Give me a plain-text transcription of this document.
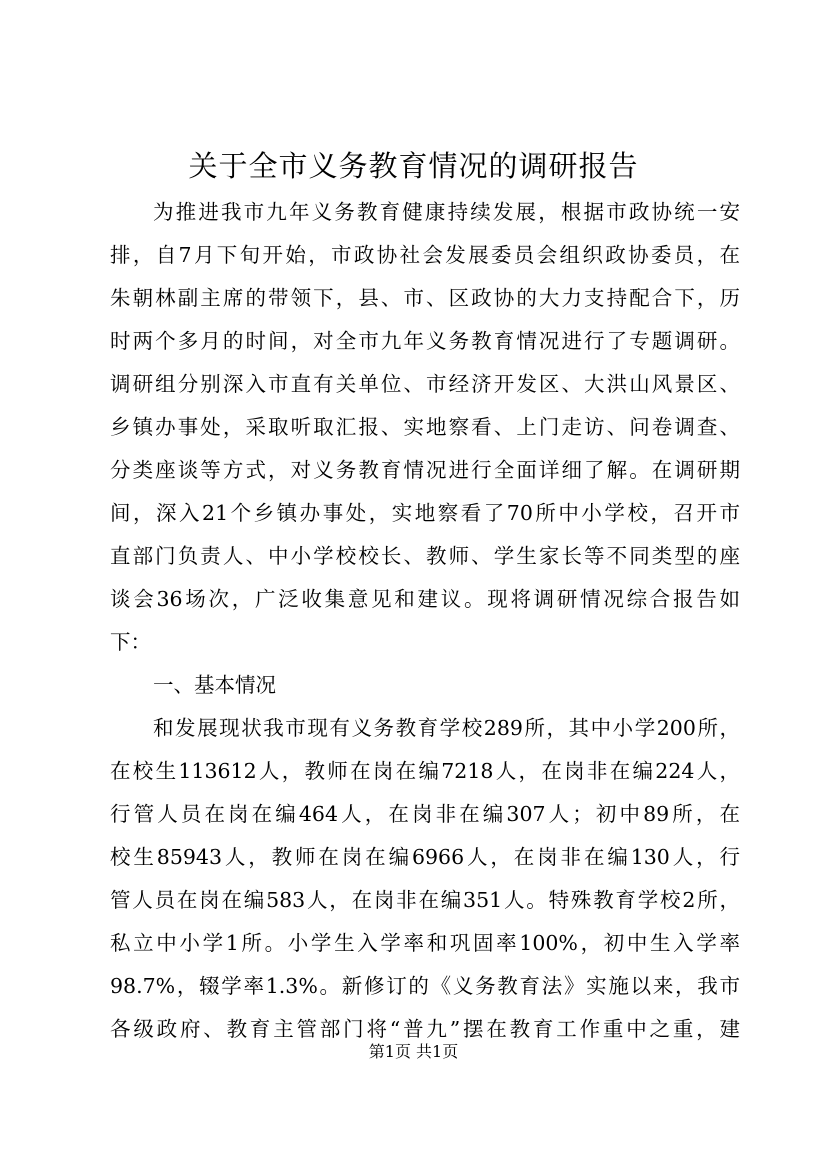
关于全市义务教育情况的调研报告

为推进我市九年义务教育健康持续发展，根据市政协统一安

排，自7月下旬开始，市政协社会发展委员会组织政协委员，在

朱朝林副主席的带领下，县、市、区政协的大力支持配合下，历

时两个多月的时间，对全市九年义务教育情况进行了专题调研。

调研组分别深入市直有关单位、市经济开发区、大洪山风景区、

乡镇办事处，采取听取汇报、实地察看、上门走访、问卷调查、

分类座谈等方式，对义务教育情况进行全面详细了解。在调研期

间，深入21个乡镇办事处，实地察看了70所中小学校，召开市

直部门负责人、中小学校校长、教师、学生家长等不同类型的座

谈会36场次，广泛收集意见和建议。现将调研情况综合报告如

下：

一、基本情况

和发展现状我市现有义务教育学校289所，其中小学200所，

在校生113612人，教师在岗在编7218人，在岗非在编224人，

行管人员在岗在编464人，在岗非在编307人；初中89所，在

校生85943人，教师在岗在编6966人，在岗非在编130人，行

管人员在岗在编583人，在岗非在编351人。特殊教育学校2所，

私立中小学1所。小学生入学率和巩固率100%，初中生入学率

98.7%，辍学率1.3%。新修订的《义务教育法》实施以来，我市

各级政府、教育主管部门将“普九”摆在教育工作重中之重，建

第1页 共1页
